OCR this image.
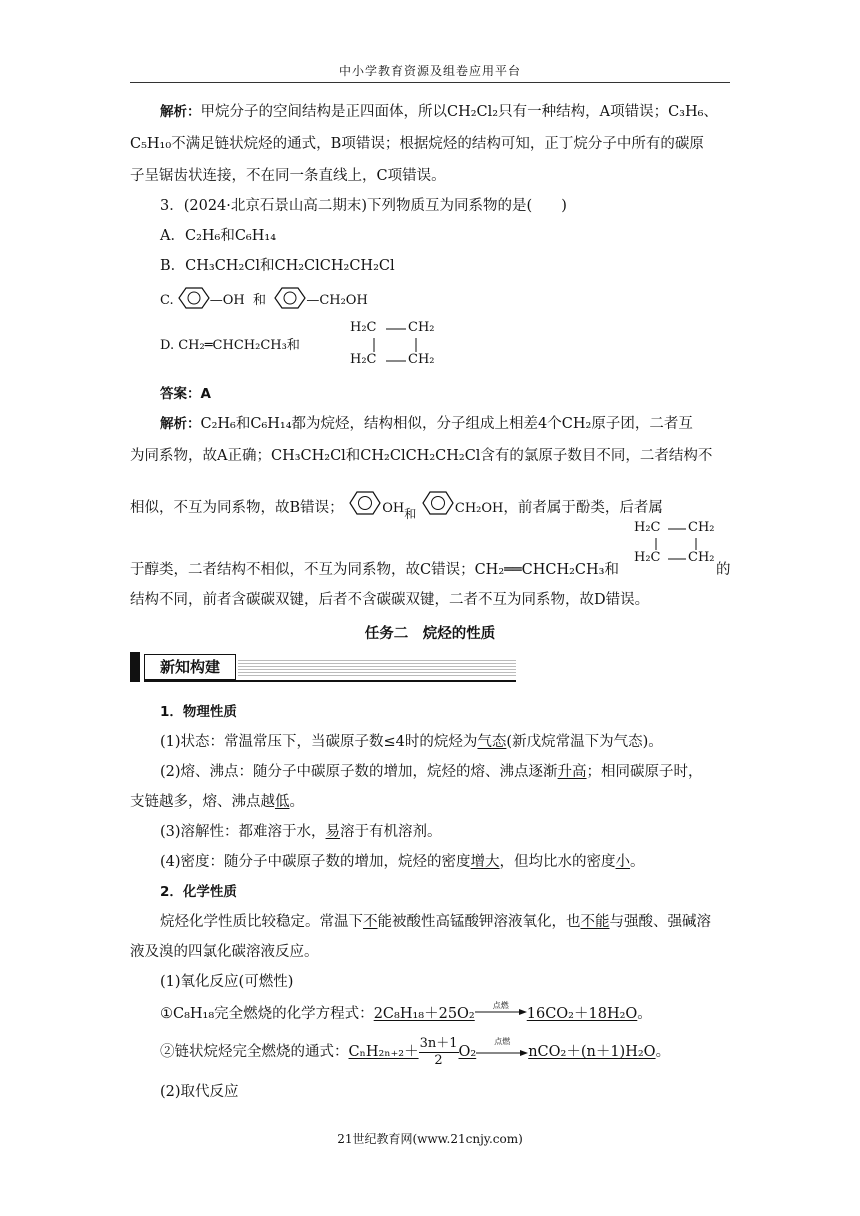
中小学教育资源及组卷应用平台
解析：甲烷分子的空间结构是正四面体，所以CH₂Cl₂只有一种结构，A项错误；C₃H₆、
C₅H₁₀不满足链状烷烃的通式，B项错误；根据烷烃的结构可知，正丁烷分子中所有的碳原
子呈锯齿状连接，不在同一条直线上，C项错误。
3．(2024·北京石景山高二期末)下列物质互为同系物的是(　　)
A．C₂H₆和C₆H₁₄
B．CH₃CH₂Cl和CH₂ClCH₂CH₂Cl
C.	—OH 和	—CH₂OH
D. CH₂═CHCH₂CH₃和
H₂C CH₂
H₂C CH₂
答案：A
解析：C₂H₆和C₆H₁₄都为烷烃，结构相似，分子组成上相差4个CH₂原子团，二者互
为同系物，故A正确；CH₃CH₂Cl和CH₂ClCH₂CH₂Cl含有的氯原子数目不同，二者结构不
相似，不互为同系物，故B错误；	$OH_和$	CH₂OH，前者属于酚类，后者属
于醇类，二者结构不相似，不互为同系物，故C错误；CH₂══CHCH₂CH₃和
H₂C CH₂
H₂C CH₂
的
结构不同，前者含碳碳双键，后者不含碳碳双键，二者不互为同系物，故D错误。
任务二　烷烃的性质
新知构建
1．物理性质
(1)状态：常温常压下，当碳原子数≤4时的烷烃为气态(新戊烷常温下为气态)。
(2)熔、沸点：随分子中碳原子数的增加，烷烃的熔、沸点逐渐升高；相同碳原子时，
支链越多，熔、沸点越低。
(3)溶解性：都难溶于水，易溶于有机溶剂。
(4)密度：随分子中碳原子数的增加，烷烃的密度增大，但均比水的密度小。
2．化学性质
烷烃化学性质比较稳定。常温下不能被酸性高锰酸钾溶液氧化，也不能与强酸、强碱溶
液及溴的四氯化碳溶液反应。
(1)氧化反应(可燃性)
①C₈H₁₈完全燃烧的化学方程式：2C₈H₁₈＋25O₂
点燃
16CO₂＋18H₂O。
②链状烷烃完全燃烧的通式：$C_nH_{2n+2}+ \frac{3n+1}{2} O_2$
点燃
nCO₂＋(n＋1)H₂O。
(2)取代反应
21世纪教育网(www.21cnjy.com)
